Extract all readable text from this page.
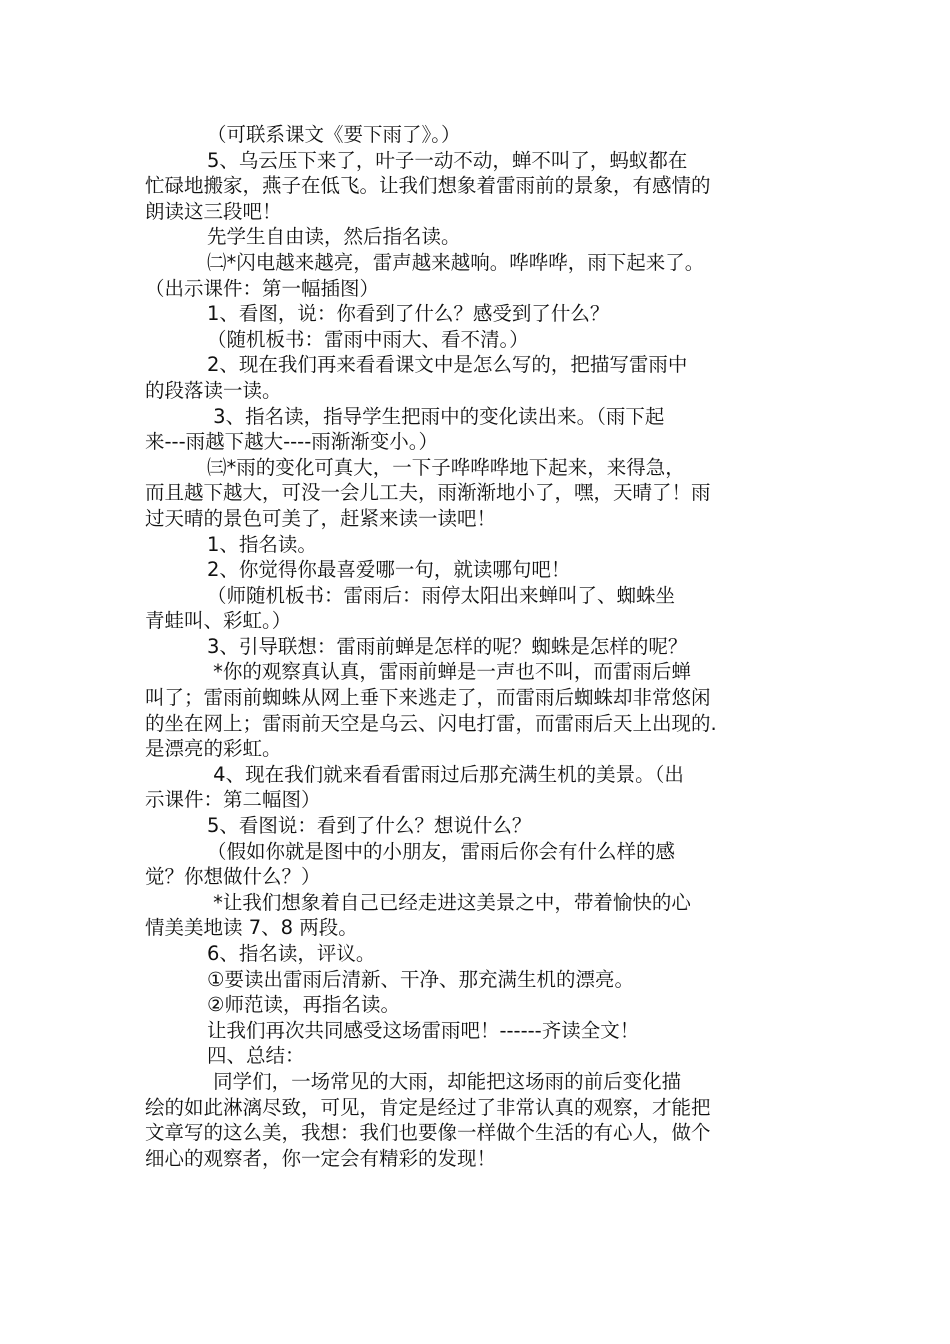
（可联系课文《要下雨了》。）
5、乌云压下来了，叶子一动不动，蝉不叫了，蚂蚁都在
忙碌地搬家，燕子在低飞。让我们想象着雷雨前的景象，有感情的
朗读这三段吧！
先学生自由读，然后指名读。
㈡*闪电越来越亮，雷声越来越响。哗哗哗，雨下起来了。
（出示课件：第一幅插图）
1、看图，说：你看到了什么？感受到了什么？
（随机板书：雷雨中雨大、看不清。）
2、现在我们再来看看课文中是怎么写的，把描写雷雨中
的段落读一读。
3、指名读，指导学生把雨中的变化读出来。（雨下起
来---雨越下越大----雨渐渐变小。）
㈢*雨的变化可真大，一下子哗哗哗地下起来，来得急，
而且越下越大，可没一会儿工夫，雨渐渐地小了，嘿，天晴了！雨
过天晴的景色可美了，赶紧来读一读吧！
1、指名读。
2、你觉得你最喜爱哪一句，就读哪句吧！
（师随机板书：雷雨后：雨停太阳出来蝉叫了、蜘蛛坐
青蛙叫、彩虹。）
3、引导联想：雷雨前蝉是怎样的呢？蜘蛛是怎样的呢？
*你的观察真认真，雷雨前蝉是一声也不叫，而雷雨后蝉
叫了；雷雨前蜘蛛从网上垂下来逃走了，而雷雨后蜘蛛却非常悠闲
的坐在网上；雷雨前天空是乌云、闪电打雷，而雷雨后天上出现的.
是漂亮的彩虹。
4、现在我们就来看看雷雨过后那充满生机的美景。（出
示课件：第二幅图）
5、看图说：看到了什么？想说什么？
（假如你就是图中的小朋友，雷雨后你会有什么样的感
觉？你想做什么？）
*让我们想象着自己已经走进这美景之中，带着愉快的心
情美美地读 7、8 两段。
6、指名读，评议。
①要读出雷雨后清新、干净、那充满生机的漂亮。
②师范读，再指名读。
让我们再次共同感受这场雷雨吧！------齐读全文！
四、总结：
同学们，一场常见的大雨，却能把这场雨的前后变化描
绘的如此淋漓尽致，可见，肯定是经过了非常认真的观察，才能把
文章写的这么美，我想：我们也要像一样做个生活的有心人，做个
细心的观察者，你一定会有精彩的发现！
